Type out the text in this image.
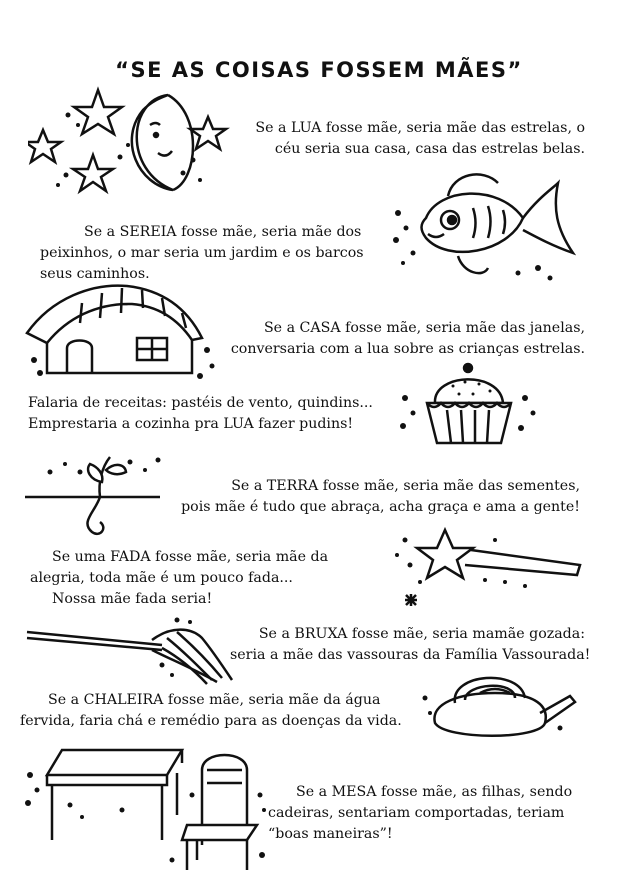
“SE AS COISAS FOSSEM MÃES”
Se a LUA fosse mãe, seria mãe das estrelas, o
céu seria sua casa, casa das estrelas belas.
Se a SEREIA fosse mãe, seria mãe dos
peixinhos, o mar seria um jardim e os barcos
seus caminhos.
Se a CASA fosse mãe, seria mãe das janelas,
conversaria com a lua sobre as crianças estrelas.
Falaria de receitas: pastéis de vento, quindins...
Emprestaria a cozinha pra LUA fazer pudins!
Se a TERRA fosse mãe, seria mãe das sementes,
pois mãe é tudo que abraça, acha graça e ama a gente!
Se uma FADA fosse mãe, seria mãe da
alegria, toda mãe é um pouco fada...
Nossa mãe fada seria!
Se a BRUXA fosse mãe, seria mamãe gozada:
seria a mãe das vassouras da Família Vassourada!
Se a CHALEIRA fosse mãe, seria mãe da água
fervida, faria chá e remédio para as doenças da vida.
Se a MESA fosse mãe, as filhas, sendo
cadeiras, sentariam comportadas, teriam
“boas maneiras”!
